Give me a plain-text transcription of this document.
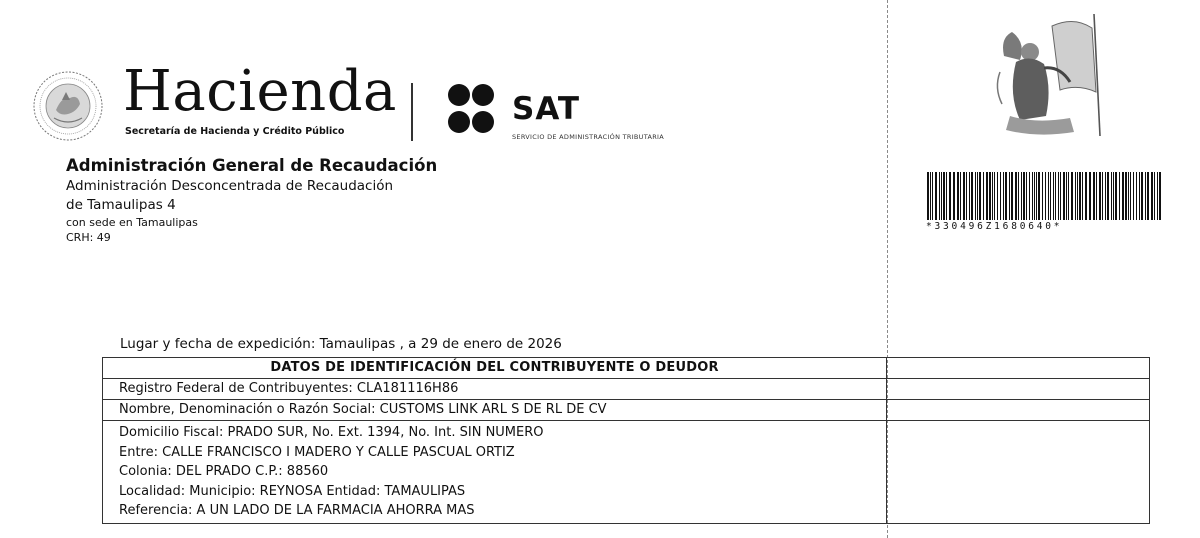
Hacienda
Secretaría de Hacienda y Crédito Público
SAT
SERVICIO DE ADMINISTRACIÓN TRIBUTARIA
Administración General de Recaudación
Administración Desconcentrada de Recaudación
de Tamaulipas 4
con sede en Tamaulipas
CRH: 49
*330496Z1680640*
Lugar y fecha de expedición: Tamaulipas , a 29 de enero de 2026
DATOS DE IDENTIFICACIÓN DEL CONTRIBUYENTE O DEUDOR	
Registro Federal de Contribuyentes: CLA181116H86	
Nombre, Denominación o Razón Social: CUSTOMS LINK ARL S DE RL DE CV	

Domicilio Fiscal: PRADO SUR, No. Ext. 1394, No. Int. SIN NUMERO
Entre: CALLE FRANCISCO I MADERO Y CALLE PASCUAL ORTIZ
Colonia: DEL PRADO C.P.: 88560
Localidad: Municipio: REYNOSA Entidad: TAMAULIPAS
Referencia: A UN LADO DE LA FARMACIA AHORRA MAS	
